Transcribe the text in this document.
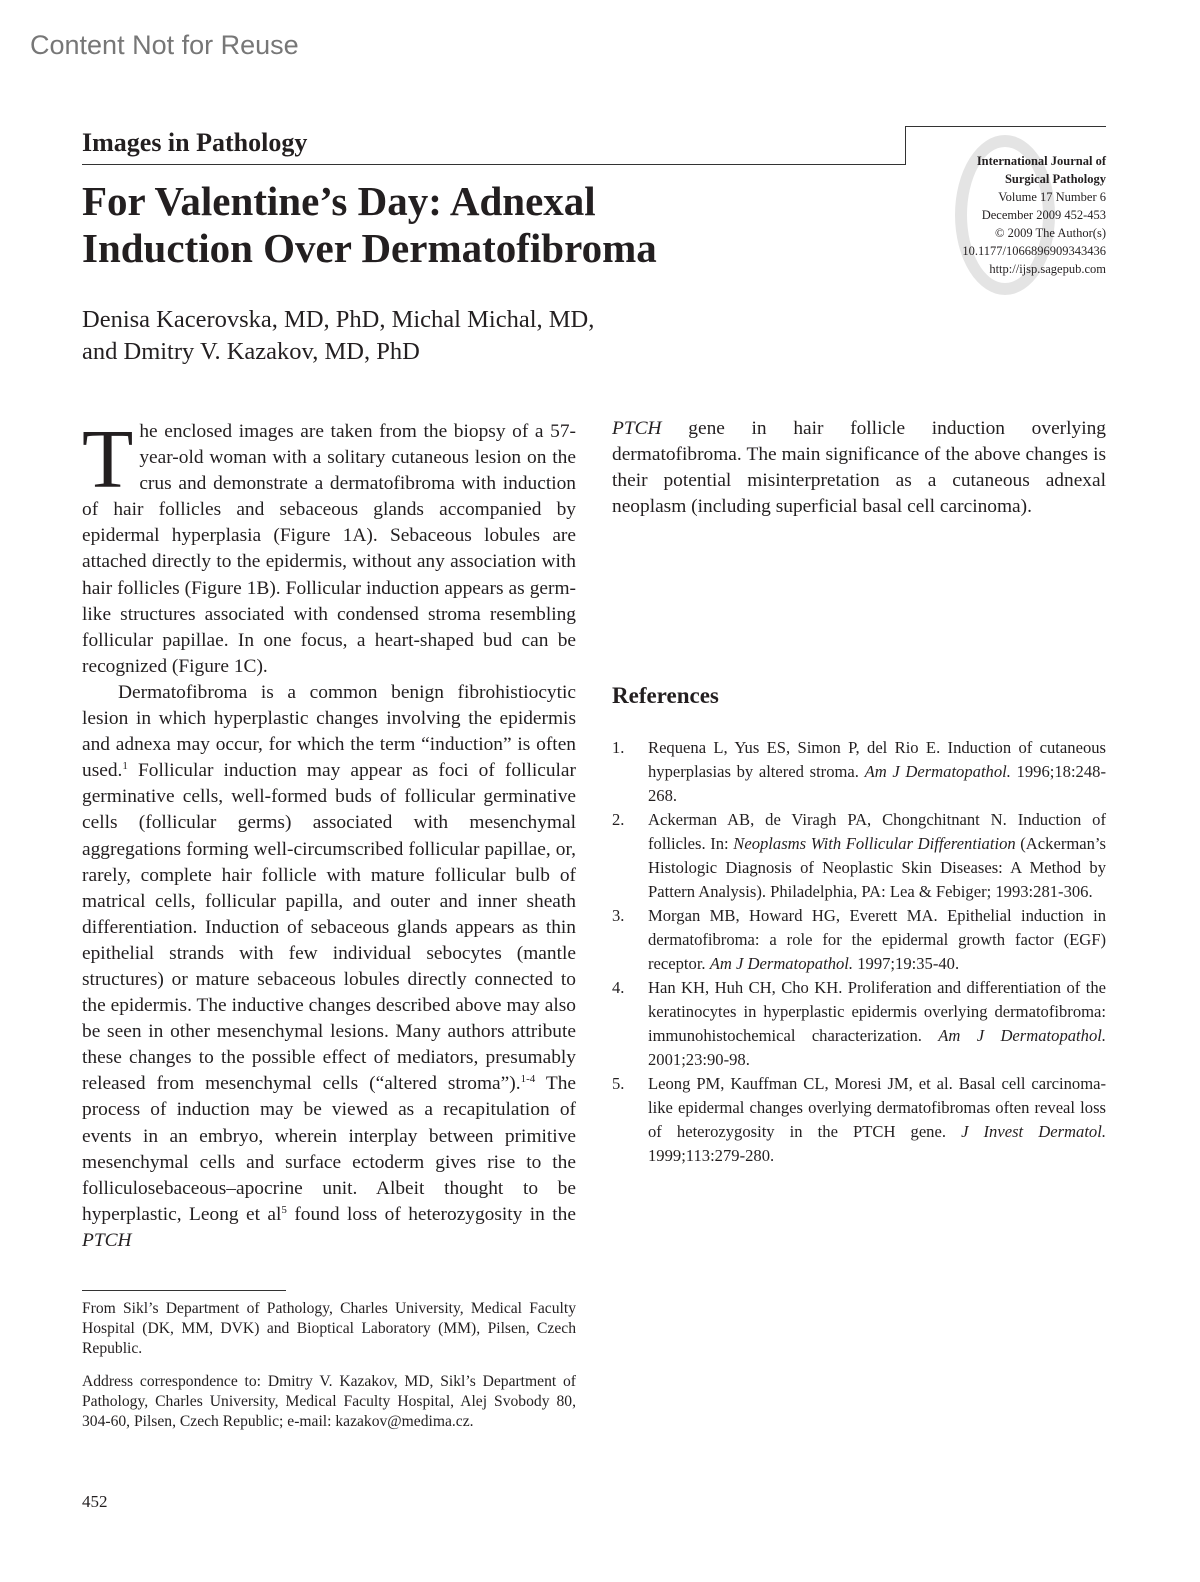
Content Not for Reuse
Images in Pathology
International Journal of
Surgical Pathology
Volume 17 Number 6
December 2009 452-453
© 2009 The Author(s)
10.1177/1066896909343436
http://ijsp.sagepub.com
For Valentine’s Day: Adnexal
Induction Over Dermatofibroma
Denisa Kacerovska, MD, PhD, Michal Michal, MD,
and Dmitry V. Kazakov, MD, PhD

The enclosed images are taken from the biopsy of a 57-year-old woman with a solitary cutaneous lesion on the crus and demonstrate a dermatofibroma with induction of hair follicles and sebaceous glands accompanied by epidermal hyperplasia (Figure 1A). Sebaceous lobules are attached directly to the epidermis, without any association with hair follicles (Figure 1B). Follicular induction appears as germ-like structures associated with condensed stroma resembling follicular papillae. In one focus, a heart-shaped bud can be recognized (Figure 1C).

Dermatofibroma is a common benign fibrohistiocytic lesion in which hyperplastic changes involving the epidermis and adnexa may occur, for which the term “induction” is often used.$^1$ Follicular induction may appear as foci of follicular germinative cells, well-formed buds of follicular germinative cells (follicular germs) associated with mesenchymal aggregations forming well-circumscribed follicular papillae, or, rarely, complete hair follicle with mature follicular bulb of matrical cells, follicular papilla, and outer and inner sheath differentiation. Induction of sebaceous glands appears as thin epithelial strands with few individual sebocytes (mantle structures) or mature sebaceous lobules directly connected to the epidermis. The inductive changes described above may also be seen in other mesenchymal lesions. Many authors attribute these changes to the possible effect of mediators, presumably released from mesenchymal cells (“altered stroma”).$^{1-4}$ The process of induction may be viewed as a recapitulation of events in an embryo, wherein interplay between primitive mesenchymal cells and surface ectoderm gives rise to the folliculosebaceous–apocrine unit. Albeit thought to be hyperplastic, Leong et $al^5$ found loss of heterozygosity in the PTCH

References
1.	Requena L, Yus ES, Simon P, del Rio E. Induction of cutaneous hyperplasias by altered stroma. Am J Dermatopathol. 1996;18:248-268.
2.	Ackerman AB, de Viragh PA, Chongchitnant N. Induction of follicles. In: Neoplasms With Follicular Differentiation (Ackerman’s Histologic Diagnosis of Neoplastic Skin Diseases: A Method by Pattern Analysis). Philadelphia, PA: Lea & Febiger; 1993:281-306.
3.	Morgan MB, Howard HG, Everett MA. Epithelial induction in dermatofibroma: a role for the epidermal growth factor (EGF) receptor. Am J Dermatopathol. 1997;19:35-40.
4.	Han KH, Huh CH, Cho KH. Proliferation and differentiation of the keratinocytes in hyperplastic epidermis overlying dermatofibroma: immunohistochemical characterization. Am J Dermatopathol. 2001;23:90-98.
5.	Leong PM, Kauffman CL, Moresi JM, et al. Basal cell carcinoma-like epidermal changes overlying dermatofibromas often reveal loss of heterozygosity in the PTCH gene. J Invest Dermatol. 1999;113:279-280.

From Sikl’s Department of Pathology, Charles University, Medical Faculty Hospital (DK, MM, DVK) and Bioptical Laboratory (MM), Pilsen, Czech Republic.

Address correspondence to: Dmitry V. Kazakov, MD, Sikl’s Department of Pathology, Charles University, Medical Faculty Hospital, Alej Svobody 80, 304-60, Pilsen, Czech Republic; e-mail: kazakov@medima.cz.

452

PTCH gene in hair follicle induction overlying dermatofibroma. The main significance of the above changes is their potential misinterpretation as a cutaneous adnexal neoplasm (including superficial basal cell carcinoma).
